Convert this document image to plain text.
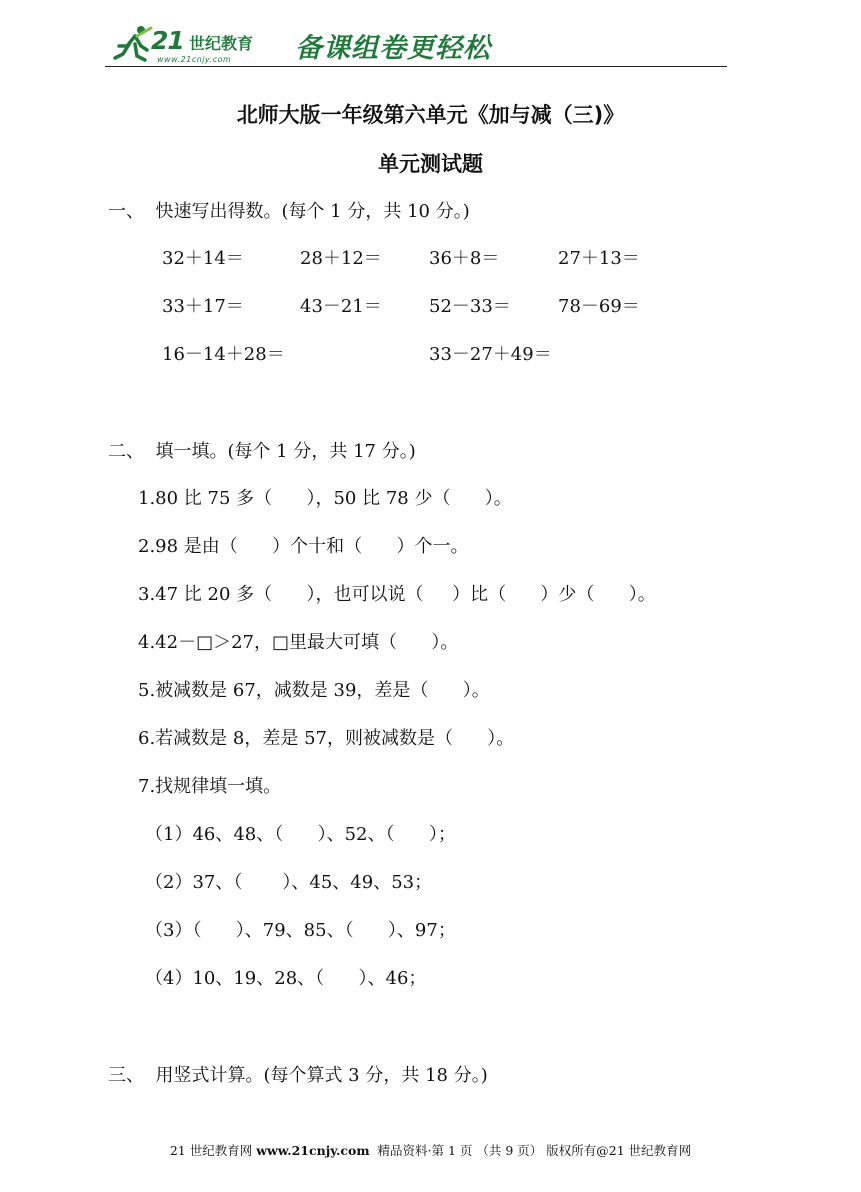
21 世纪教育
www.21cnjy.com 备课组卷更轻松
北师大版一年级第六单元《加与减（三)》
单元测试题
一、  快速写出得数。(每个 1 分，共 10 分。)
32＋14＝	28＋12＝	36＋8＝	27＋13＝
33＋17＝	43－21＝	52－33＝	78－69＝
16－14＋28＝	33－27＋49＝
二、  填一填。(每个 1 分，共 17 分。)
1.80 比 75 多（      ），50 比 78 少（      ）。
2.98 是由（      ）个十和（      ）个一。
3.47 比 20 多（      ），也可以说（     ）比（      ）少（      ）。
4.42－□＞27，□里最大可填（      ）。
5.被减数是 67，减数是 39，差是（      ）。
6.若减数是 8，差是 57，则被减数是（      ）。
7.找规律填一填。
（1）46、48、（      ）、52、（      ）；
（2）37、（       ）、45、49、53；
（3）（      ）、79、85、（      ）、97；
（4）10、19、28、（      ）、46；
三、  用竖式计算。(每个算式 3 分，共 18 分。)
21 世纪教育网 www.21cnjy.com  精品资料·第 1 页 （共 9 页） 版权所有@21 世纪教育网
